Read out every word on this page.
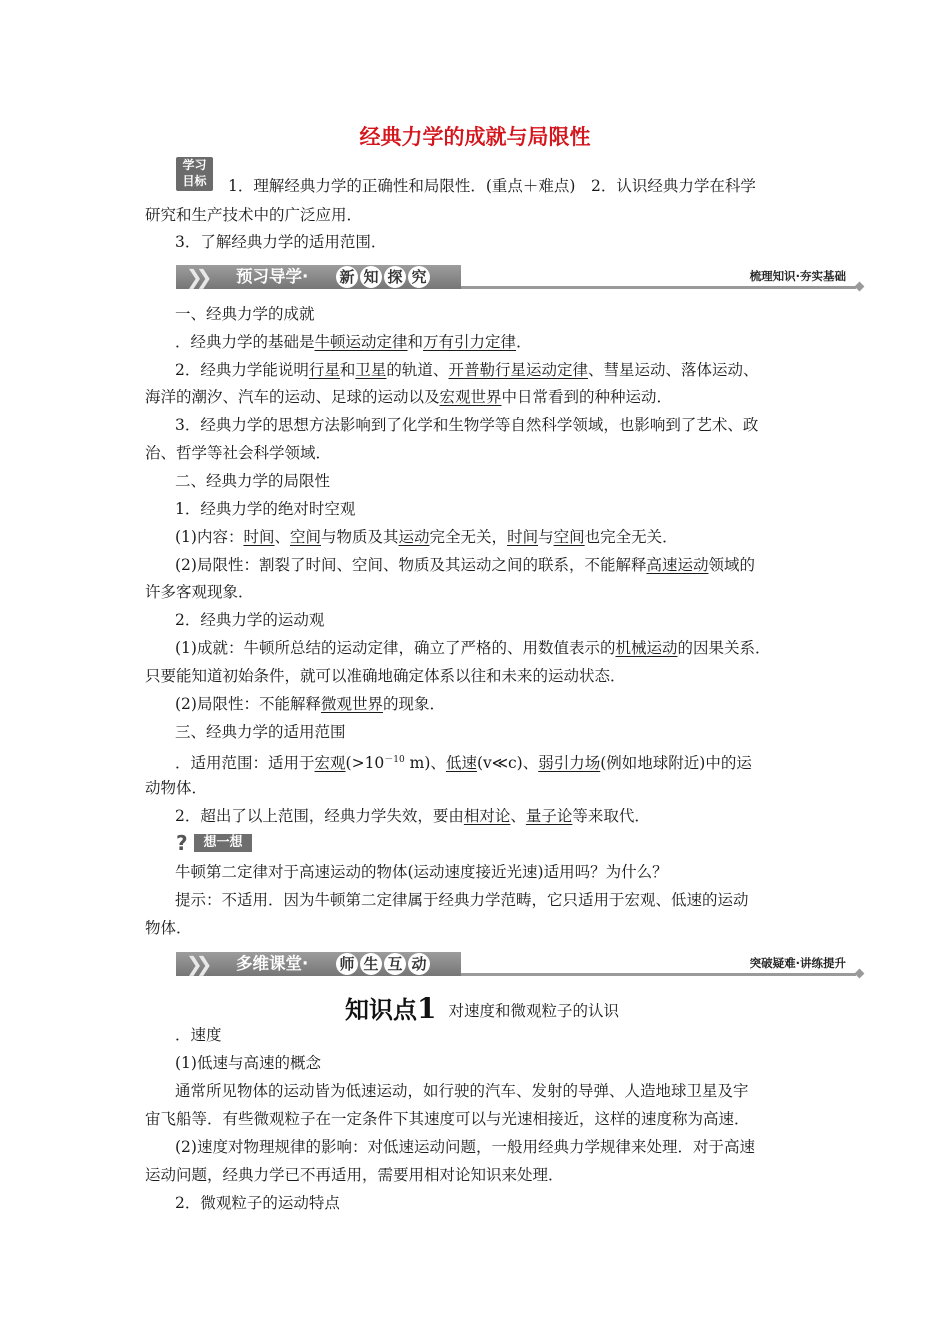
经典力学的成就与局限性
学习
目标	1．理解经典力学的正确性和局限性．(重点＋难点)　2．认识经典力学在科学
研究和生产技术中的广泛应用．
3．了解经典力学的适用范围．
❯❯ 预习导学· 新 知 探 究	梳理知识·夯实基础
一、经典力学的成就
．经典力学的基础是牛顿运动定律和万有引力定律．
2．经典力学能说明行星和卫星的轨道、开普勒行星运动定律、彗星运动、落体运动、
海洋的潮汐、汽车的运动、足球的运动以及宏观世界中日常看到的种种运动．
3．经典力学的思想方法影响到了化学和生物学等自然科学领域，也影响到了艺术、政
治、哲学等社会科学领域．
二、经典力学的局限性
1．经典力学的绝对时空观
(1)内容：时间、空间与物质及其运动完全无关，时间与空间也完全无关．
(2)局限性：割裂了时间、空间、物质及其运动之间的联系，不能解释高速运动领域的
许多客观现象．
2．经典力学的运动观
(1)成就：牛顿所总结的运动定律，确立了严格的、用数值表示的机械运动的因果关系．
只要能知道初始条件，就可以准确地确定体系以往和未来的运动状态．
(2)局限性：不能解释微观世界的现象．
三、经典力学的适用范围
．适用范围：适用于宏观($>10^{-10}$ m)、低速(v≪c)、弱引力场(例如地球附近)中的运
动物体．
2．超出了以上范围，经典力学失效，要由相对论、量子论等来取代．
?	想一想
牛顿第二定律对于高速运动的物体(运动速度接近光速)适用吗？为什么？
提示：不适用．因为牛顿第二定律属于经典力学范畴，它只适用于宏观、低速的运动
物体．
❯❯ 多维课堂· 师 生 互 动	突破疑难·讲练提升
知识点1 对速度和微观粒子的认识
．速度
(1)低速与高速的概念
通常所见物体的运动皆为低速运动，如行驶的汽车、发射的导弹、人造地球卫星及宇
宙飞船等．有些微观粒子在一定条件下其速度可以与光速相接近，这样的速度称为高速．
(2)速度对物理规律的影响：对低速运动问题，一般用经典力学规律来处理．对于高速
运动问题，经典力学已不再适用，需要用相对论知识来处理．
2．微观粒子的运动特点
